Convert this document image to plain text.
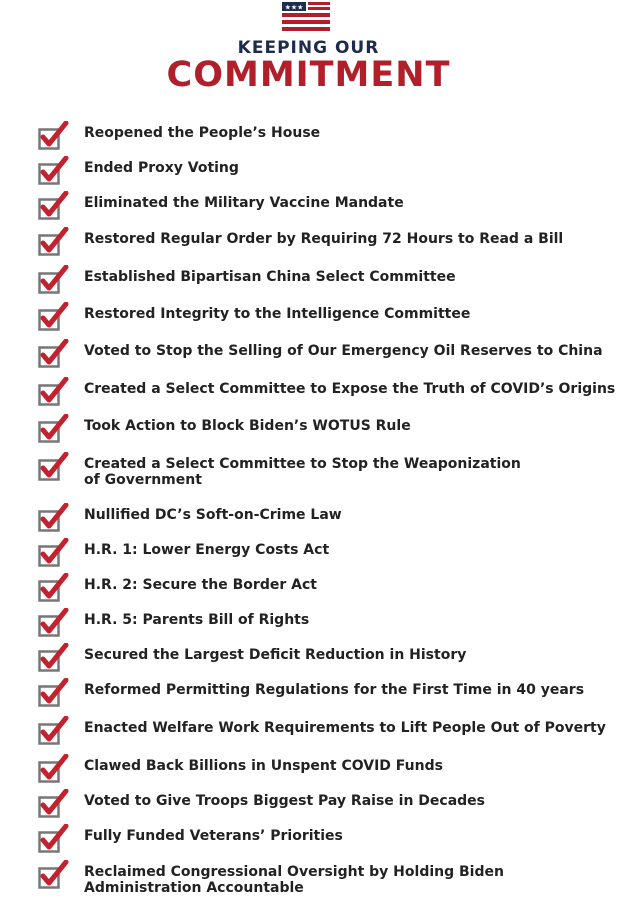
★★★
KEEPING OUR
COMMITMENT
Reopened the People’s House
Ended Proxy Voting
Eliminated the Military Vaccine Mandate
Restored Regular Order by Requiring 72 Hours to Read a Bill
Established Bipartisan China Select Committee
Restored Integrity to the Intelligence Committee
Voted to Stop the Selling of Our Emergency Oil Reserves to China
Created a Select Committee to Expose the Truth of COVID’s Origins
Took Action to Block Biden’s WOTUS Rule
Created a Select Committee to Stop the Weaponization of Government
Nullified DC’s Soft-on-Crime Law
H.R. 1: Lower Energy Costs Act
H.R. 2: Secure the Border Act
H.R. 5: Parents Bill of Rights
Secured the Largest Deficit Reduction in History
Reformed Permitting Regulations for the First Time in 40 years
Enacted Welfare Work Requirements to Lift People Out of Poverty
Clawed Back Billions in Unspent COVID Funds
Voted to Give Troops Biggest Pay Raise in Decades
Fully Funded Veterans’ Priorities
Reclaimed Congressional Oversight by Holding Biden Administration Accountable
